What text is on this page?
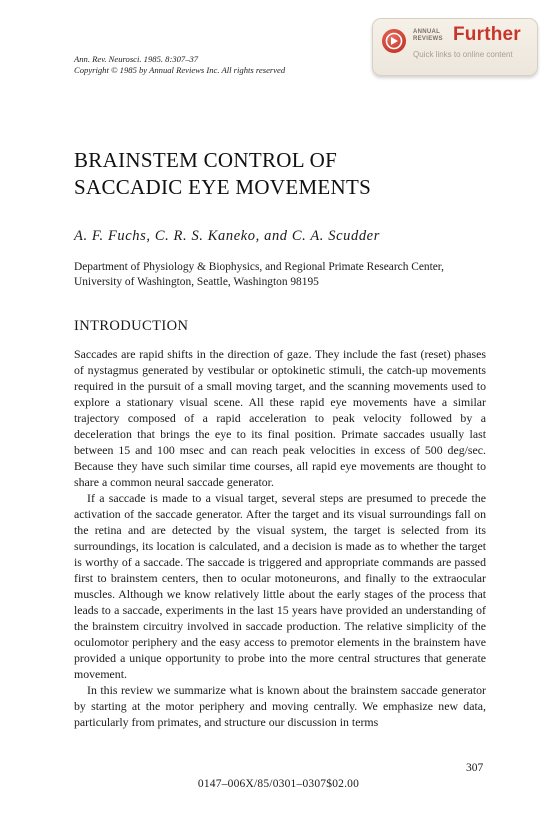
Ann. Rev. Neurosci. 1985. 8:307–37
Copyright © 1985 by Annual Reviews Inc. All rights reserved
ANNUAL
REVIEWS Further
Quick links to online content
BRAINSTEM CONTROL OF
SACCADIC EYE MOVEMENTS
A. F. Fuchs, C. R. S. Kaneko, and C. A. Scudder
Department of Physiology & Biophysics, and Regional Primate Research Center,
University of Washington, Seattle, Washington 98195
INTRODUCTION

Saccades are rapid shifts in the direction of gaze. They include the fast (reset) phases of nystagmus generated by vestibular or optokinetic stimuli, the catch-up movements required in the pursuit of a small moving target, and the scanning movements used to explore a stationary visual scene. All these rapid eye movements have a similar trajectory composed of a rapid acceleration to peak velocity followed by a deceleration that brings the eye to its final position. Primate saccades usually last between 15 and 100 msec and can reach peak velocities in excess of 500 deg/sec. Because they have such similar time courses, all rapid eye movements are thought to share a common neural saccade generator.

If a saccade is made to a visual target, several steps are presumed to precede the activation of the saccade generator. After the target and its visual surroundings fall on the retina and are detected by the visual system, the target is selected from its surroundings, its location is calculated, and a decision is made as to whether the target is worthy of a saccade. The saccade is triggered and appropriate commands are passed first to brainstem centers, then to ocular motoneurons, and finally to the extraocular muscles. Although we know relatively little about the early stages of the process that leads to a saccade, experiments in the last 15 years have provided an understanding of the brainstem circuitry involved in saccade production. The relative simplicity of the oculomotor periphery and the easy access to premotor elements in the brainstem have provided a unique opportunity to probe into the more central structures that generate movement.

In this review we summarize what is known about the brainstem saccade generator by starting at the motor periphery and moving centrally. We emphasize new data, particularly from primates, and structure our discussion in terms

307
0147–006X/85/0301–0307$02.00
